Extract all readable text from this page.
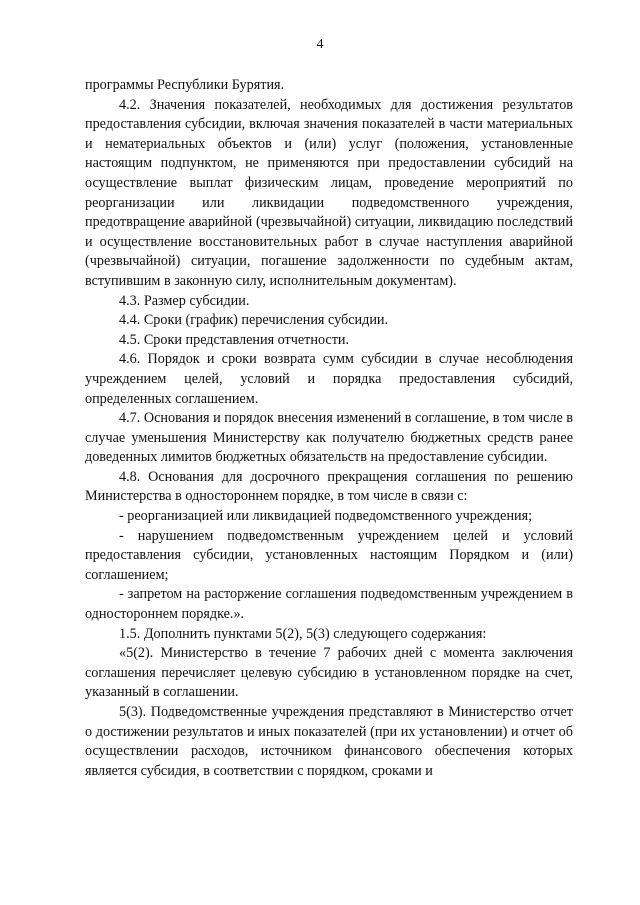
4

программы Республики Бурятия.

4.2. Значения показателей, необходимых для достижения результатов предоставления субсидии, включая значения показателей в части материальных и нематериальных объектов и (или) услуг (положения, установленные настоящим подпунктом, не применяются при предоставлении субсидий на осуществление выплат физическим лицам, проведение мероприятий по реорганизации или ликвидации подведомственного учреждения, предотвращение аварийной (чрезвычайной) ситуации, ликвидацию последствий и осуществление восстановительных работ в случае наступления аварийной (чрезвычайной) ситуации, погашение задолженности по судебным актам, вступившим в законную силу, исполнительным документам).

4.3. Размер субсидии.

4.4. Сроки (график) перечисления субсидии.

4.5. Сроки представления отчетности.

4.6. Порядок и сроки возврата сумм субсидии в случае несоблюдения учреждением целей, условий и порядка предоставления субсидий, определенных соглашением.

4.7. Основания и порядок внесения изменений в соглашение, в том числе в случае уменьшения Министерству как получателю бюджетных средств ранее доведенных лимитов бюджетных обязательств на предоставление субсидии.

4.8. Основания для досрочного прекращения соглашения по решению Министерства в одностороннем порядке, в том числе в связи с:

- реорганизацией или ликвидацией подведомственного учреждения;

- нарушением подведомственным учреждением целей и условий предоставления субсидии, установленных настоящим Порядком и (или) соглашением;

- запретом на расторжение соглашения подведомственным учреждением в одностороннем порядке.».

1.5. Дополнить пунктами 5(2), 5(3) следующего содержания:

«5(2). Министерство в течение 7 рабочих дней с момента заключения соглашения перечисляет целевую субсидию в установленном порядке на счет, указанный в соглашении.

5(3). Подведомственные учреждения представляют в Министерство отчет о достижении результатов и иных показателей (при их установлении) и отчет об осуществлении расходов, источником финансового обеспечения которых является субсидия, в соответствии с порядком, сроками и
